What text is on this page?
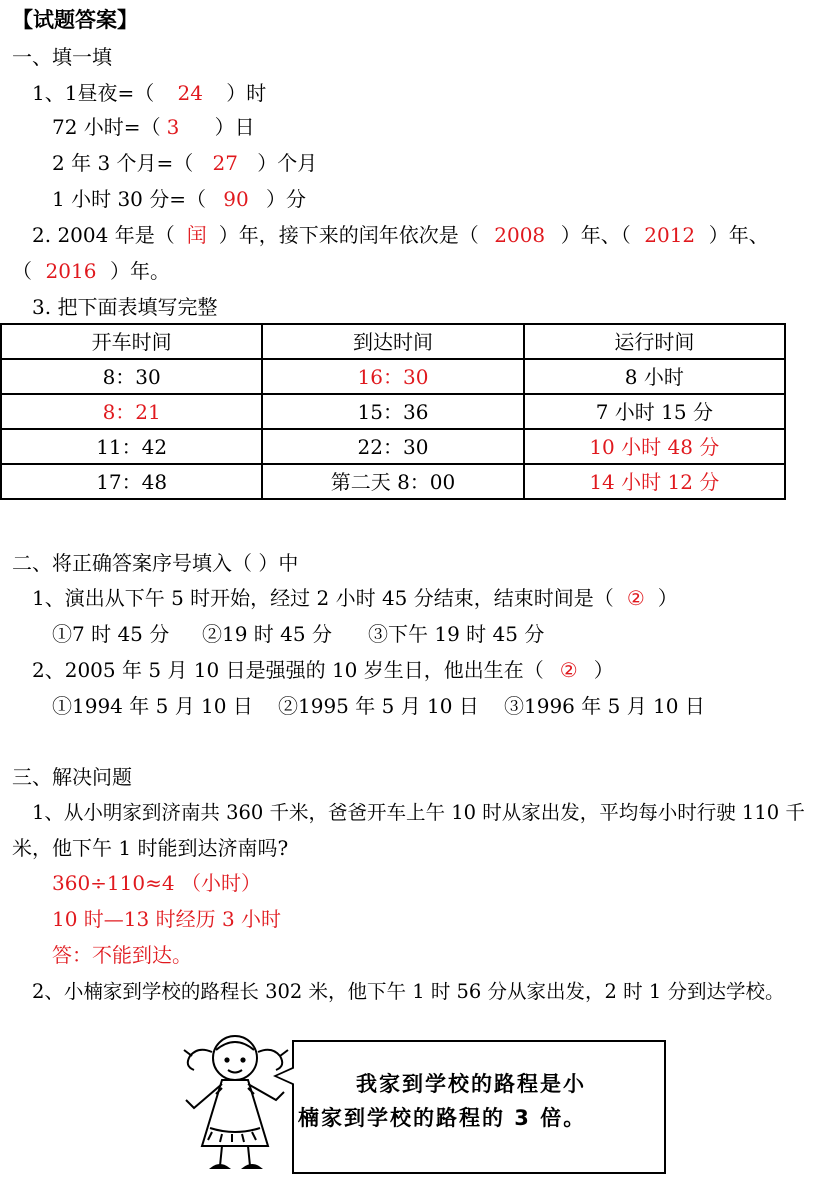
【试题答案】
一、填一填
1、1昼夜=（ 24 ）时
72 小时=（ 3 ）日
2 年 3 个月=（ 27 ）个月
1 小时 30 分=（ 90 ）分
2. 2004 年是（ 闰 ）年，接下来的闰年依次是（ 2008 ）年、（ 2012 ）年、
（ 2016 ）年。
3. 把下面表填写完整
开车时间	到达时间	运行时间
8：30	16：30	8 小时
8：21	15：36	7 小时 15 分
11：42	22：30	10 小时 48 分
17：48	第二天 8：00	14 小时 12 分
二、将正确答案序号填入（ ）中
1、演出从下午 5 时开始，经过 2 小时 45 分结束，结束时间是（ ② ）
①7 时 45 分 ②19 时 45 分 ③下午 19 时 45 分
2、2005 年 5 月 10 日是强强的 10 岁生日，他出生在（ ② ）
①1994 年 5 月 10 日 ②1995 年 5 月 10 日 ③1996 年 5 月 10 日
三、解决问题
1、从小明家到济南共 360 千米，爸爸开车上午 10 时从家出发，平均每小时行驶 110 千
米，他下午 1 时能到达济南吗?
360÷110≈4 （小时）
10 时—13 时经历 3 小时
答：不能到达。
2、小楠家到学校的路程长 302 米，他下午 1 时 56 分从家出发，2 时 1 分到达学校。
我家到学校的路程是小
楠家到学校的路程的 3 倍。
